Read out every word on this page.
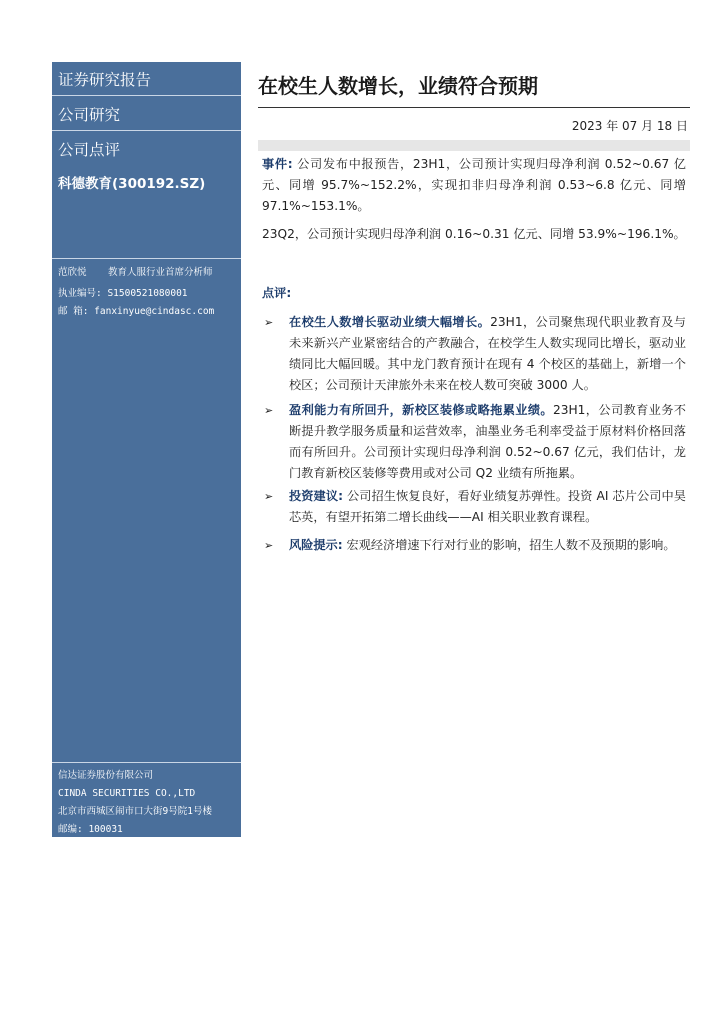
证券研究报告
公司研究
公司点评
科德教育(300192.SZ)
范欣悦 教育人服行业首席分析师
执业编号: S1500521080001
邮 箱: fanxinyue@cindasc.com
信达证券股份有限公司
CINDA SECURITIES CO.,LTD
北京市西城区闹市口大街9号院1号楼
邮编: 100031
在校生人数增长，业绩符合预期
2023 年 07 月 18 日
事件: 公司发布中报预告，23H1，公司预计实现归母净利润 0.52~0.67 亿元、同增 95.7%~152.2%，实现扣非归母净利润 0.53~6.8 亿元、同增 97.1%~153.1%。
23Q2，公司预计实现归母净利润 0.16~0.31 亿元、同增 53.9%~196.1%。
点评:
➢ 在校生人数增长驱动业绩大幅增长。23H1，公司聚焦现代职业教育及与未来新兴产业紧密结合的产教融合，在校学生人数实现同比增长，驱动业绩同比大幅回暖。其中龙门教育预计在现有 4 个校区的基础上，新增一个校区；公司预计天津旅外未来在校人数可突破 3000 人。
➢ 盈利能力有所回升，新校区装修或略拖累业绩。23H1，公司教育业务不断提升教学服务质量和运营效率，油墨业务毛利率受益于原材料价格回落而有所回升。公司预计实现归母净利润 0.52~0.67 亿元，我们估计，龙门教育新校区装修等费用或对公司 Q2 业绩有所拖累。
➢ 投资建议: 公司招生恢复良好，看好业绩复苏弹性。投资 AI 芯片公司中昊芯英，有望开拓第二增长曲线——AI 相关职业教育课程。
➢ 风险提示: 宏观经济增速下行对行业的影响，招生人数不及预期的影响。
